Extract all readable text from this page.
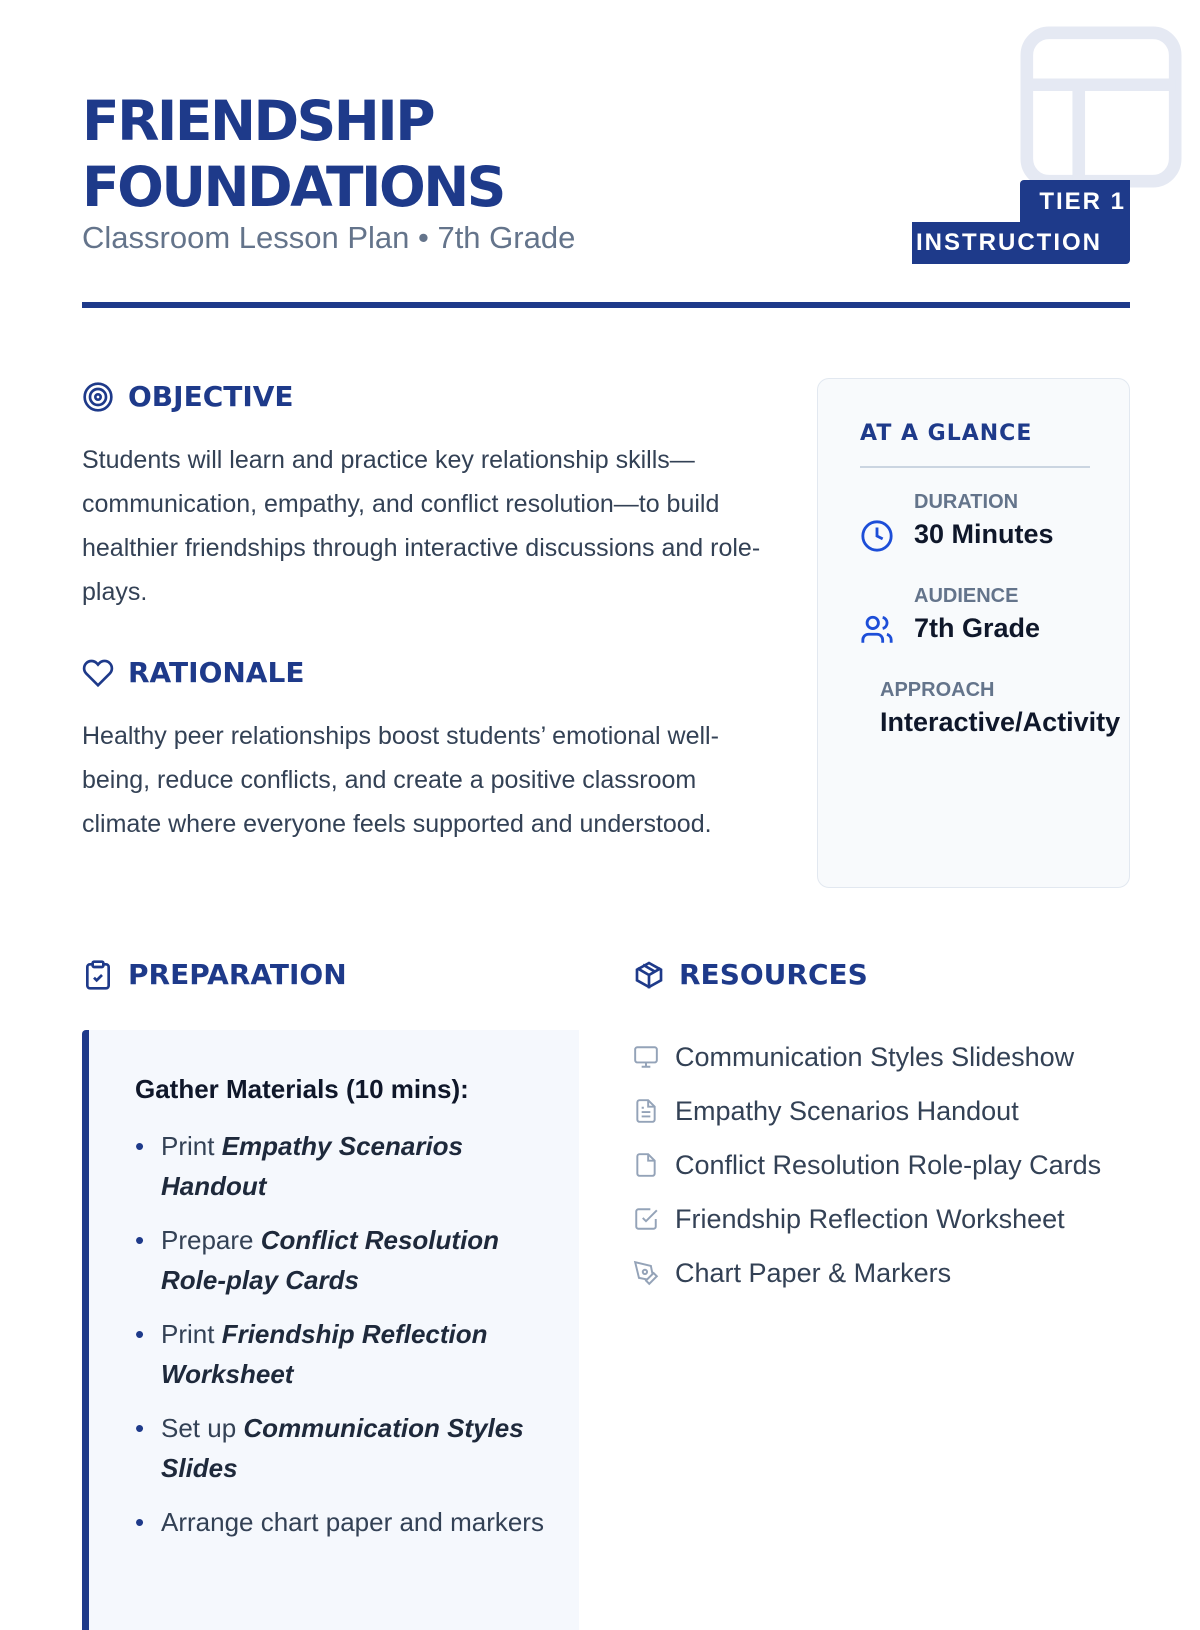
FRIENDSHIP
FOUNDATIONS
Classroom Lesson Plan • 7th Grade
TIER 1
INSTRUCTION
OBJECTIVE
Students will learn and practice key relationship skills—communication, empathy, and conflict resolution—to build healthier friendships through interactive discussions and role-plays.
RATIONALE
Healthy peer relationships boost students’ emotional well-being, reduce conflicts, and create a positive classroom climate where everyone feels supported and understood.
AT A GLANCE
DURATION
30 Minutes
AUDIENCE
7th Grade
APPROACH
Interactive/Activity
PREPARATION
Gather Materials (10 mins):
• Print Empathy Scenarios Handout
• Prepare Conflict Resolution Role-play Cards
• Print Friendship Reflection Worksheet
• Set up Communication Styles Slides
• Arrange chart paper and markers
RESOURCES
Communication Styles Slideshow
Empathy Scenarios Handout
Conflict Resolution Role-play Cards
Friendship Reflection Worksheet
Chart Paper & Markers
